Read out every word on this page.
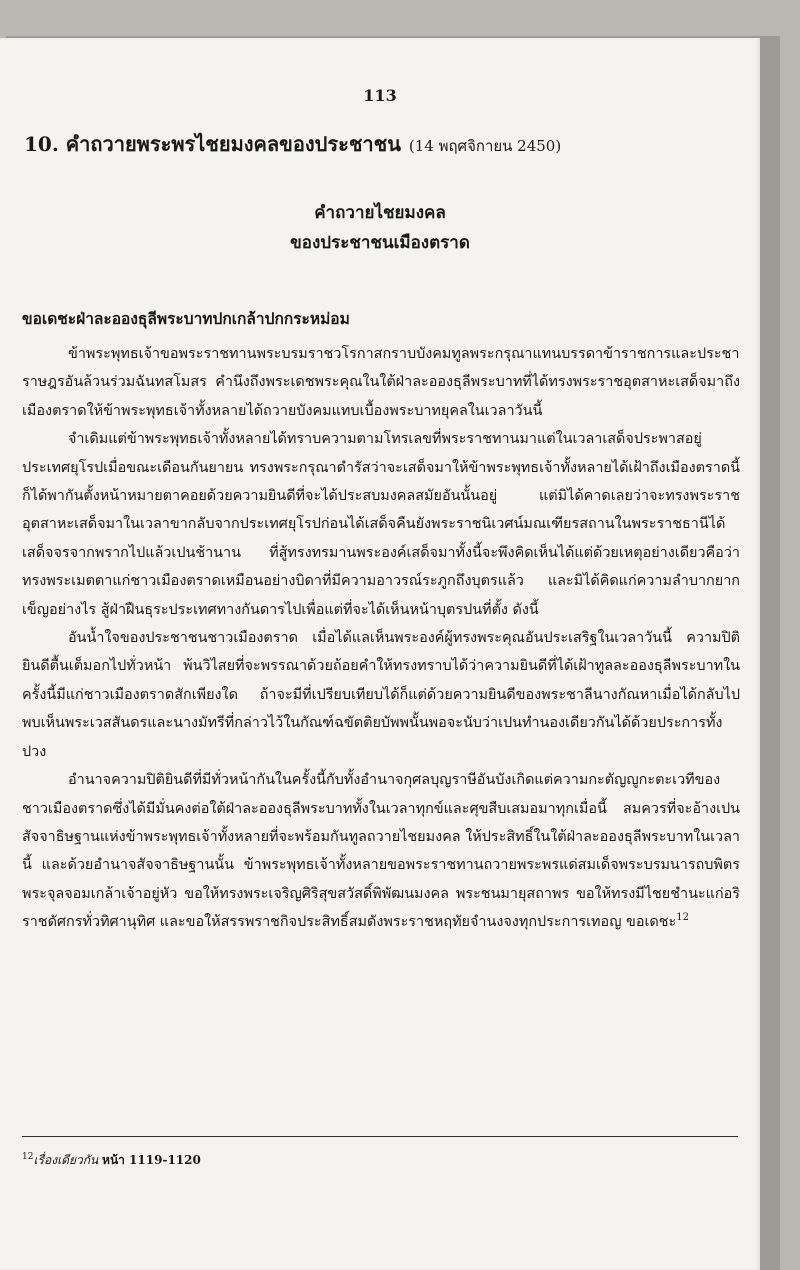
113
10. คำถวายพระพรไชยมงคลของประชาชน (14 พฤศจิกายน 2450)
คำถวายไชยมงคล
ของประชาชนเมืองตราด
ขอเดชะฝ่าละอองธุลีพระบาทปกเกล้าปกกระหม่อม

ข้าพระพุทธเจ้าขอพระราชทานพระบรมราชวโรกาสกราบบังคมทูลพระกรุณาแทนบรรดาข้าราชการและประชาราษฎรอันล้วนร่วมฉันทสโมสร คำนึงถึงพระเดชพระคุณในใต้ฝ่าละอองธุลีพระบาทที่ได้ทรงพระราชอุตสาหะเสด็จมาถึงเมืองตราดให้ข้าพระพุทธเจ้าทั้งหลายได้ถวายบังคมแทบเบื้องพระบาทยุคลในเวลาวันนี้

จำเดิมแต่ข้าพระพุทธเจ้าทั้งหลายได้ทราบความตามโทรเลขที่พระราชทานมาแต่ในเวลาเสด็จประพาสอยู่ประเทศยุโรปเมื่อขณะเดือนกันยายน ทรงพระกรุณาดำรัสว่าจะเสด็จมาให้ข้าพระพุทธเจ้าทั้งหลายได้เฝ้าถึงเมืองตราดนี้ ก็ได้พากันตั้งหน้าหมายตาคอยด้วยความยินดีที่จะได้ประสบมงคลสมัยอันนั้นอยู่ แต่มิได้คาดเลยว่าจะทรงพระราชอุตสาหะเสด็จมาในเวลาขากลับจากประเทศยุโรปก่อนได้เสด็จคืนยังพระราชนิเวศน์มณเฑียรสถานในพระราชธานีได้เสด็จจรจากพรากไปแล้วเปนช้านาน ที่สู้ทรงทรมานพระองค์เสด็จมาทั้งนี้จะพึงคิดเห็นได้แต่ด้วยเหตุอย่างเดียวคือว่า ทรงพระเมตตาแก่ชาวเมืองตราดเหมือนอย่างบิดาที่มีความอาวรณ์ระภูกถึงบุตรแล้ว และมิได้คิดแก่ความลำบากยากเข็ญอย่างไร สู้ฝ่าฝืนธุระประเทศทางกันดารไปเพื่อแต่ที่จะได้เห็นหน้าบุตรปนที่ตั้ง ดังนี้

อันน้ำใจของประชาชนชาวเมืองตราด เมื่อได้แลเห็นพระองค์ผู้ทรงพระคุณอันประเสริฐในเวลาวันนี้ ความปิติยินดีตื้นเต็มอกไปทั่วหน้า พ้นวิไสยที่จะพรรณาด้วยถ้อยคำให้ทรงทราบได้ว่าความยินดีที่ได้เฝ้าทูลละอองธุลีพระบาทในครั้งนี้มีแก่ชาวเมืองตราดสักเพียงใด ถ้าจะมีที่เปรียบเทียบได้ก็แต่ด้วยความยินดีของพระชาลีนางกัณหาเมื่อได้กลับไปพบเห็นพระเวสสันดรและนางมัทรีที่กล่าวไว้ในกัณฑ์ฉขัตติยบัพพนั้นพอจะนับว่าเปนทำนองเดียวกันได้ด้วยประการทั้งปวง

อำนาจความปิติยินดีที่มีทั่วหน้ากันในครั้งนี้กับทั้งอำนาจกุศลบุญราษีอันบังเกิดแต่ความกะตัญญูกะตะเวทีของชาวเมืองตราดซึ่งได้มีมั่นคงต่อใต้ฝ่าละอองธุลีพระบาททั้งในเวลาทุกข์และศุขสืบเสมอมาทุกเมื่อนี้ สมควรที่จะอ้างเปนสัจจาธิษฐานแห่งข้าพระพุทธเจ้าทั้งหลายที่จะพร้อมกันทูลถวายไชยมงคล ให้ประสิทธิ์ในใต้ฝ่าละอองธุลีพระบาทในเวลานี้ และด้วยอำนาจสัจจาธิษฐานนั้น ข้าพระพุทธเจ้าทั้งหลายขอพระราชทานถวายพระพรแด่สมเด็จพระบรมนารถบพิตรพระจุลจอมเกล้าเจ้าอยู่หัว ขอให้ทรงพระเจริญศิริสุขสวัสดิ์พิพัฒนมงคล พระชนมายุสถาพร ขอให้ทรงมีไชยชำนะแก่อริราชดัศกรทั่วทิศานุทิศ และขอให้สรรพราชกิจประสิทธิ์สมดังพระราชหฤทัยจำนงจงทุกประการเทอญ ขอเดชะ$^{12}$

$^{12}$เรื่องเดียวกัน หน้า 1119-1120
